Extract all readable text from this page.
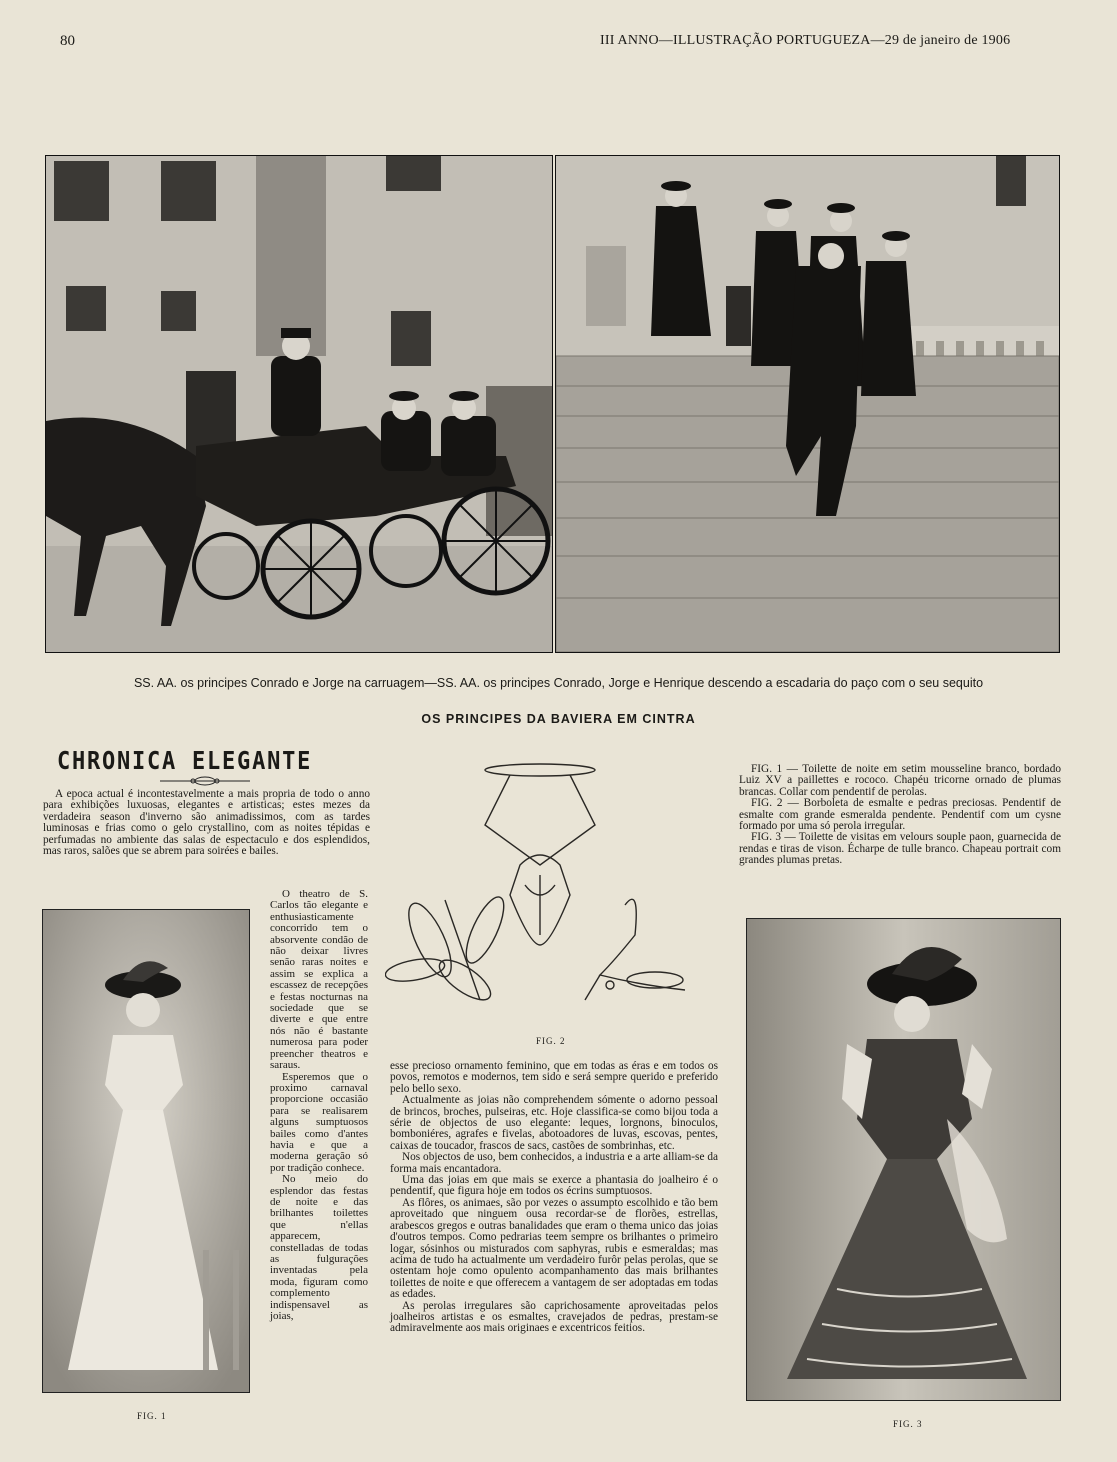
80	III ANNO—ILLUSTRAÇÃO PORTUGUEZA—29 de janeiro de 1906
SS. AA. os principes Conrado e Jorge na carruagem—SS. AA. os principes Conrado, Jorge e Henrique descendo a escadaria do paço com o seu sequito
OS PRINCIPES DA BAVIERA EM CINTRA
CHRONICA ELEGANTE

A epoca actual é incontestavelmente a mais propria de todo o anno para exhibições luxuosas, elegantes e artisticas; estes mezes da verdadeira season d'inverno são animadissimos, com as tardes luminosas e frias como o gelo crystallino, com as noites tépidas e perfumadas no ambiente das salas de espectaculo e dos esplendidos, mas raros, salões que se abrem para soirées e bailes.

FIG. 1

O theatro de S. Carlos tão elegante e enthusiasticamente concorrido tem o absorvente condão de não deixar livres senão raras noites e assim se explica a escassez de recepções e festas nocturnas na sociedade que se diverte e que entre nós não é bastante numerosa para poder preencher theatros e saraus.

Esperemos que o proximo carnaval proporcione occasião para se realisarem alguns sumptuosos bailes como d'antes havia e que a moderna geração só por tradição conhece.

No meio do esplendor das festas de noite e das brilhantes toilettes que n'ellas apparecem, constelladas de todas as fulgurações inventadas pela moda, figuram como complemento indispensavel as joias,

FIG. 2

esse precioso ornamento feminino, que em todas as éras e em todos os povos, remotos e modernos, tem sido e será sempre querido e preferido pelo bello sexo.

Actualmente as joias não comprehendem sómente o adorno pessoal de brincos, broches, pulseiras, etc. Hoje classifica-se como bijou toda a série de objectos de uso elegante: leques, lorgnons, binoculos, bomboniéres, agrafes e fivelas, abotoadores de luvas, escovas, pentes, caixas de toucador, frascos de sacs, castões de sombrinhas, etc.

Nos objectos de uso, bem conhecidos, a industria e a arte alliam-se da forma mais encantadora.

Uma das joias em que mais se exerce a phantasia do joalheiro é o pendentif, que figura hoje em todos os écrins sumptuosos.

As flôres, os animaes, são por vezes o assumpto escolhido e tão bem aproveitado que ninguem ousa recordar-se de florões, estrellas, arabescos gregos e outras banalidades que eram o thema unico das joias d'outros tempos. Como pedrarias teem sempre os brilhantes o primeiro logar, sósinhos ou misturados com saphyras, rubis e esmeraldas; mas acima de tudo ha actualmente um verdadeiro furôr pelas perolas, que se ostentam hoje como opulento acompanhamento das mais brilhantes toilettes de noite e que offerecem a vantagem de ser adoptadas em todas as edades.

As perolas irregulares são caprichosamente aproveitadas pelos joalheiros artistas e os esmaltes, cravejados de pedras, prestam-se admiravelmente aos mais originaes e excentricos feitios.

FIG. 1 — Toilette de noite em setim mousseline branco, bordado Luiz XV a paillettes e rococo. Chapéu tricorne ornado de plumas brancas. Collar com pendentif de perolas.

FIG. 2 — Borboleta de esmalte e pedras preciosas. Pendentif de esmalte com grande esmeralda pendente. Pendentif com um cysne formado por uma só perola irregular.

FIG. 3 — Toilette de visitas em velours souple paon, guarnecida de rendas e tiras de vison. Écharpe de tulle branco. Chapeau portrait com grandes plumas pretas.

FIG. 3
